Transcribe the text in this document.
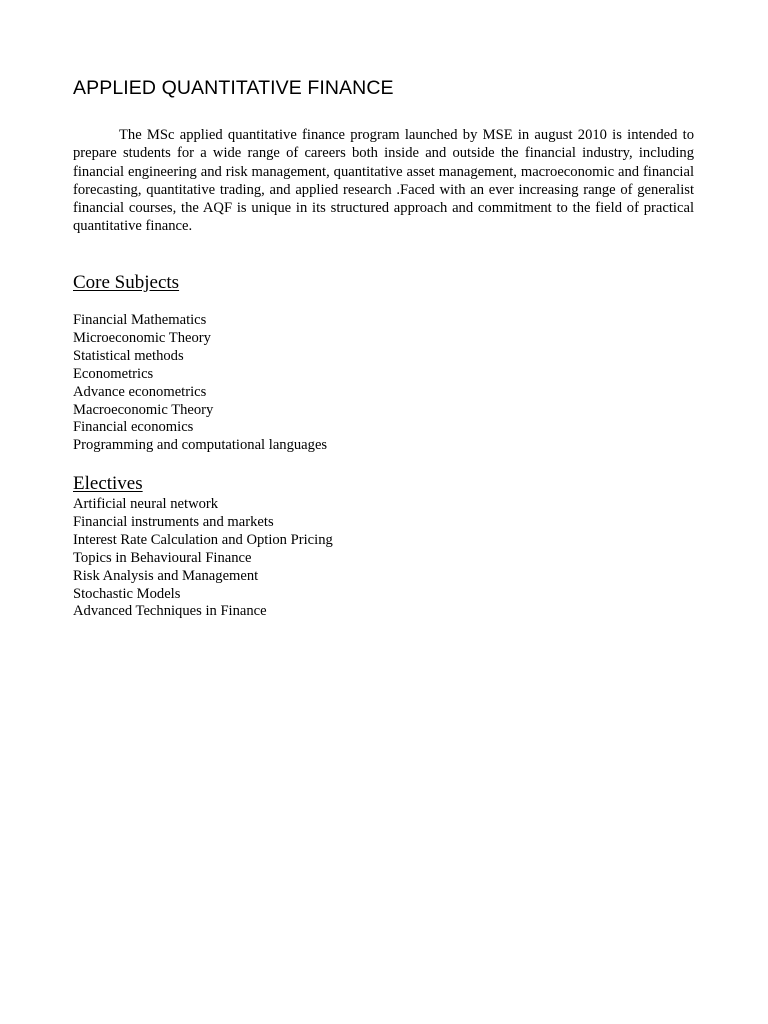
APPLIED QUANTITATIVE FINANCE

The MSc applied quantitative finance program launched by MSE in august 2010 is intended to prepare students for a wide range of careers both inside and outside the financial industry, including financial engineering and risk management, quantitative asset management, macroeconomic and financial forecasting, quantitative trading, and applied research .Faced with an ever increasing range of generalist financial courses, the AQF is unique in its structured approach and commitment to the field of practical quantitative finance.

Core Subjects
Financial Mathematics
Microeconomic Theory
Statistical methods
Econometrics
Advance econometrics
Macroeconomic Theory
Financial economics
Programming and computational languages
Electives
Artificial neural network
Financial instruments and markets
Interest Rate Calculation and Option Pricing
Topics in Behavioural Finance
Risk Analysis and Management
Stochastic Models
Advanced Techniques in Finance
